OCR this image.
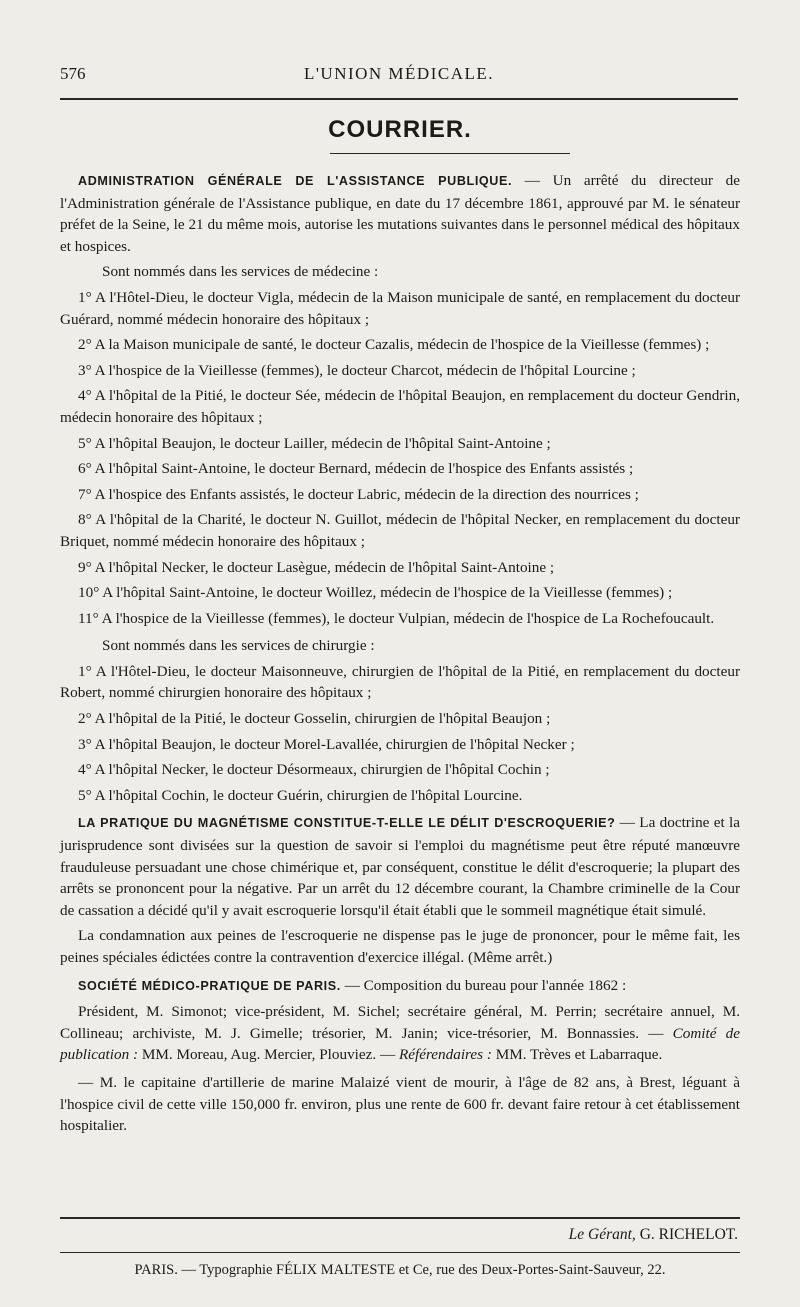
576	L'UNION MÉDICALE.
COURRIER.

ADMINISTRATION GÉNÉRALE DE L'ASSISTANCE PUBLIQUE. — Un arrêté du directeur de l'Administration générale de l'Assistance publique, en date du 17 décembre 1861, approuvé par M. le sénateur préfet de la Seine, le 21 du même mois, autorise les mutations suivantes dans le personnel médical des hôpitaux et hospices.

Sont nommés dans les services de médecine :

1° A l'Hôtel-Dieu, le docteur Vigla, médecin de la Maison municipale de santé, en remplacement du docteur Guérard, nommé médecin honoraire des hôpitaux ;

2° A la Maison municipale de santé, le docteur Cazalis, médecin de l'hospice de la Vieillesse (femmes) ;

3° A l'hospice de la Vieillesse (femmes), le docteur Charcot, médecin de l'hôpital Lourcine ;

4° A l'hôpital de la Pitié, le docteur Sée, médecin de l'hôpital Beaujon, en remplacement du docteur Gendrin, médecin honoraire des hôpitaux ;

5° A l'hôpital Beaujon, le docteur Lailler, médecin de l'hôpital Saint-Antoine ;

6° A l'hôpital Saint-Antoine, le docteur Bernard, médecin de l'hospice des Enfants assistés ;

7° A l'hospice des Enfants assistés, le docteur Labric, médecin de la direction des nourrices ;

8° A l'hôpital de la Charité, le docteur N. Guillot, médecin de l'hôpital Necker, en remplacement du docteur Briquet, nommé médecin honoraire des hôpitaux ;

9° A l'hôpital Necker, le docteur Lasègue, médecin de l'hôpital Saint-Antoine ;

10° A l'hôpital Saint-Antoine, le docteur Woillez, médecin de l'hospice de la Vieillesse (femmes) ;

11° A l'hospice de la Vieillesse (femmes), le docteur Vulpian, médecin de l'hospice de La Rochefoucault.

Sont nommés dans les services de chirurgie :

1° A l'Hôtel-Dieu, le docteur Maisonneuve, chirurgien de l'hôpital de la Pitié, en remplacement du docteur Robert, nommé chirurgien honoraire des hôpitaux ;

2° A l'hôpital de la Pitié, le docteur Gosselin, chirurgien de l'hôpital Beaujon ;

3° A l'hôpital Beaujon, le docteur Morel-Lavallée, chirurgien de l'hôpital Necker ;

4° A l'hôpital Necker, le docteur Désormeaux, chirurgien de l'hôpital Cochin ;

5° A l'hôpital Cochin, le docteur Guérin, chirurgien de l'hôpital Lourcine.

LA PRATIQUE DU MAGNÉTISME CONSTITUE-T-ELLE LE DÉLIT D'ESCROQUERIE? — La doctrine et la jurisprudence sont divisées sur la question de savoir si l'emploi du magnétisme peut être réputé manœuvre frauduleuse persuadant une chose chimérique et, par conséquent, constitue le délit d'escroquerie; la plupart des arrêts se prononcent pour la négative. Par un arrêt du 12 décembre courant, la Chambre criminelle de la Cour de cassation a décidé qu'il y avait escroquerie lorsqu'il était établi que le sommeil magnétique était simulé.

La condamnation aux peines de l'escroquerie ne dispense pas le juge de prononcer, pour le même fait, les peines spéciales édictées contre la contravention d'exercice illégal. (Même arrêt.)

SOCIÉTÉ MÉDICO-PRATIQUE DE PARIS. — Composition du bureau pour l'année 1862 :

Président, M. Simonot; vice-président, M. Sichel; secrétaire général, M. Perrin; secrétaire annuel, M. Collineau; archiviste, M. J. Gimelle; trésorier, M. Janin; vice-trésorier, M. Bonnassies. — Comité de publication : MM. Moreau, Aug. Mercier, Plouviez. — Référendaires : MM. Trèves et Labarraque.

— M. le capitaine d'artillerie de marine Malaizé vient de mourir, à l'âge de 82 ans, à Brest, léguant à l'hospice civil de cette ville 150,000 fr. environ, plus une rente de 600 fr. devant faire retour à cet établissement hospitalier.

Le Gérant, G. RICHELOT.
PARIS. — Typographie FÉLIX MALTESTE et Ce, rue des Deux-Portes-Saint-Sauveur, 22.
